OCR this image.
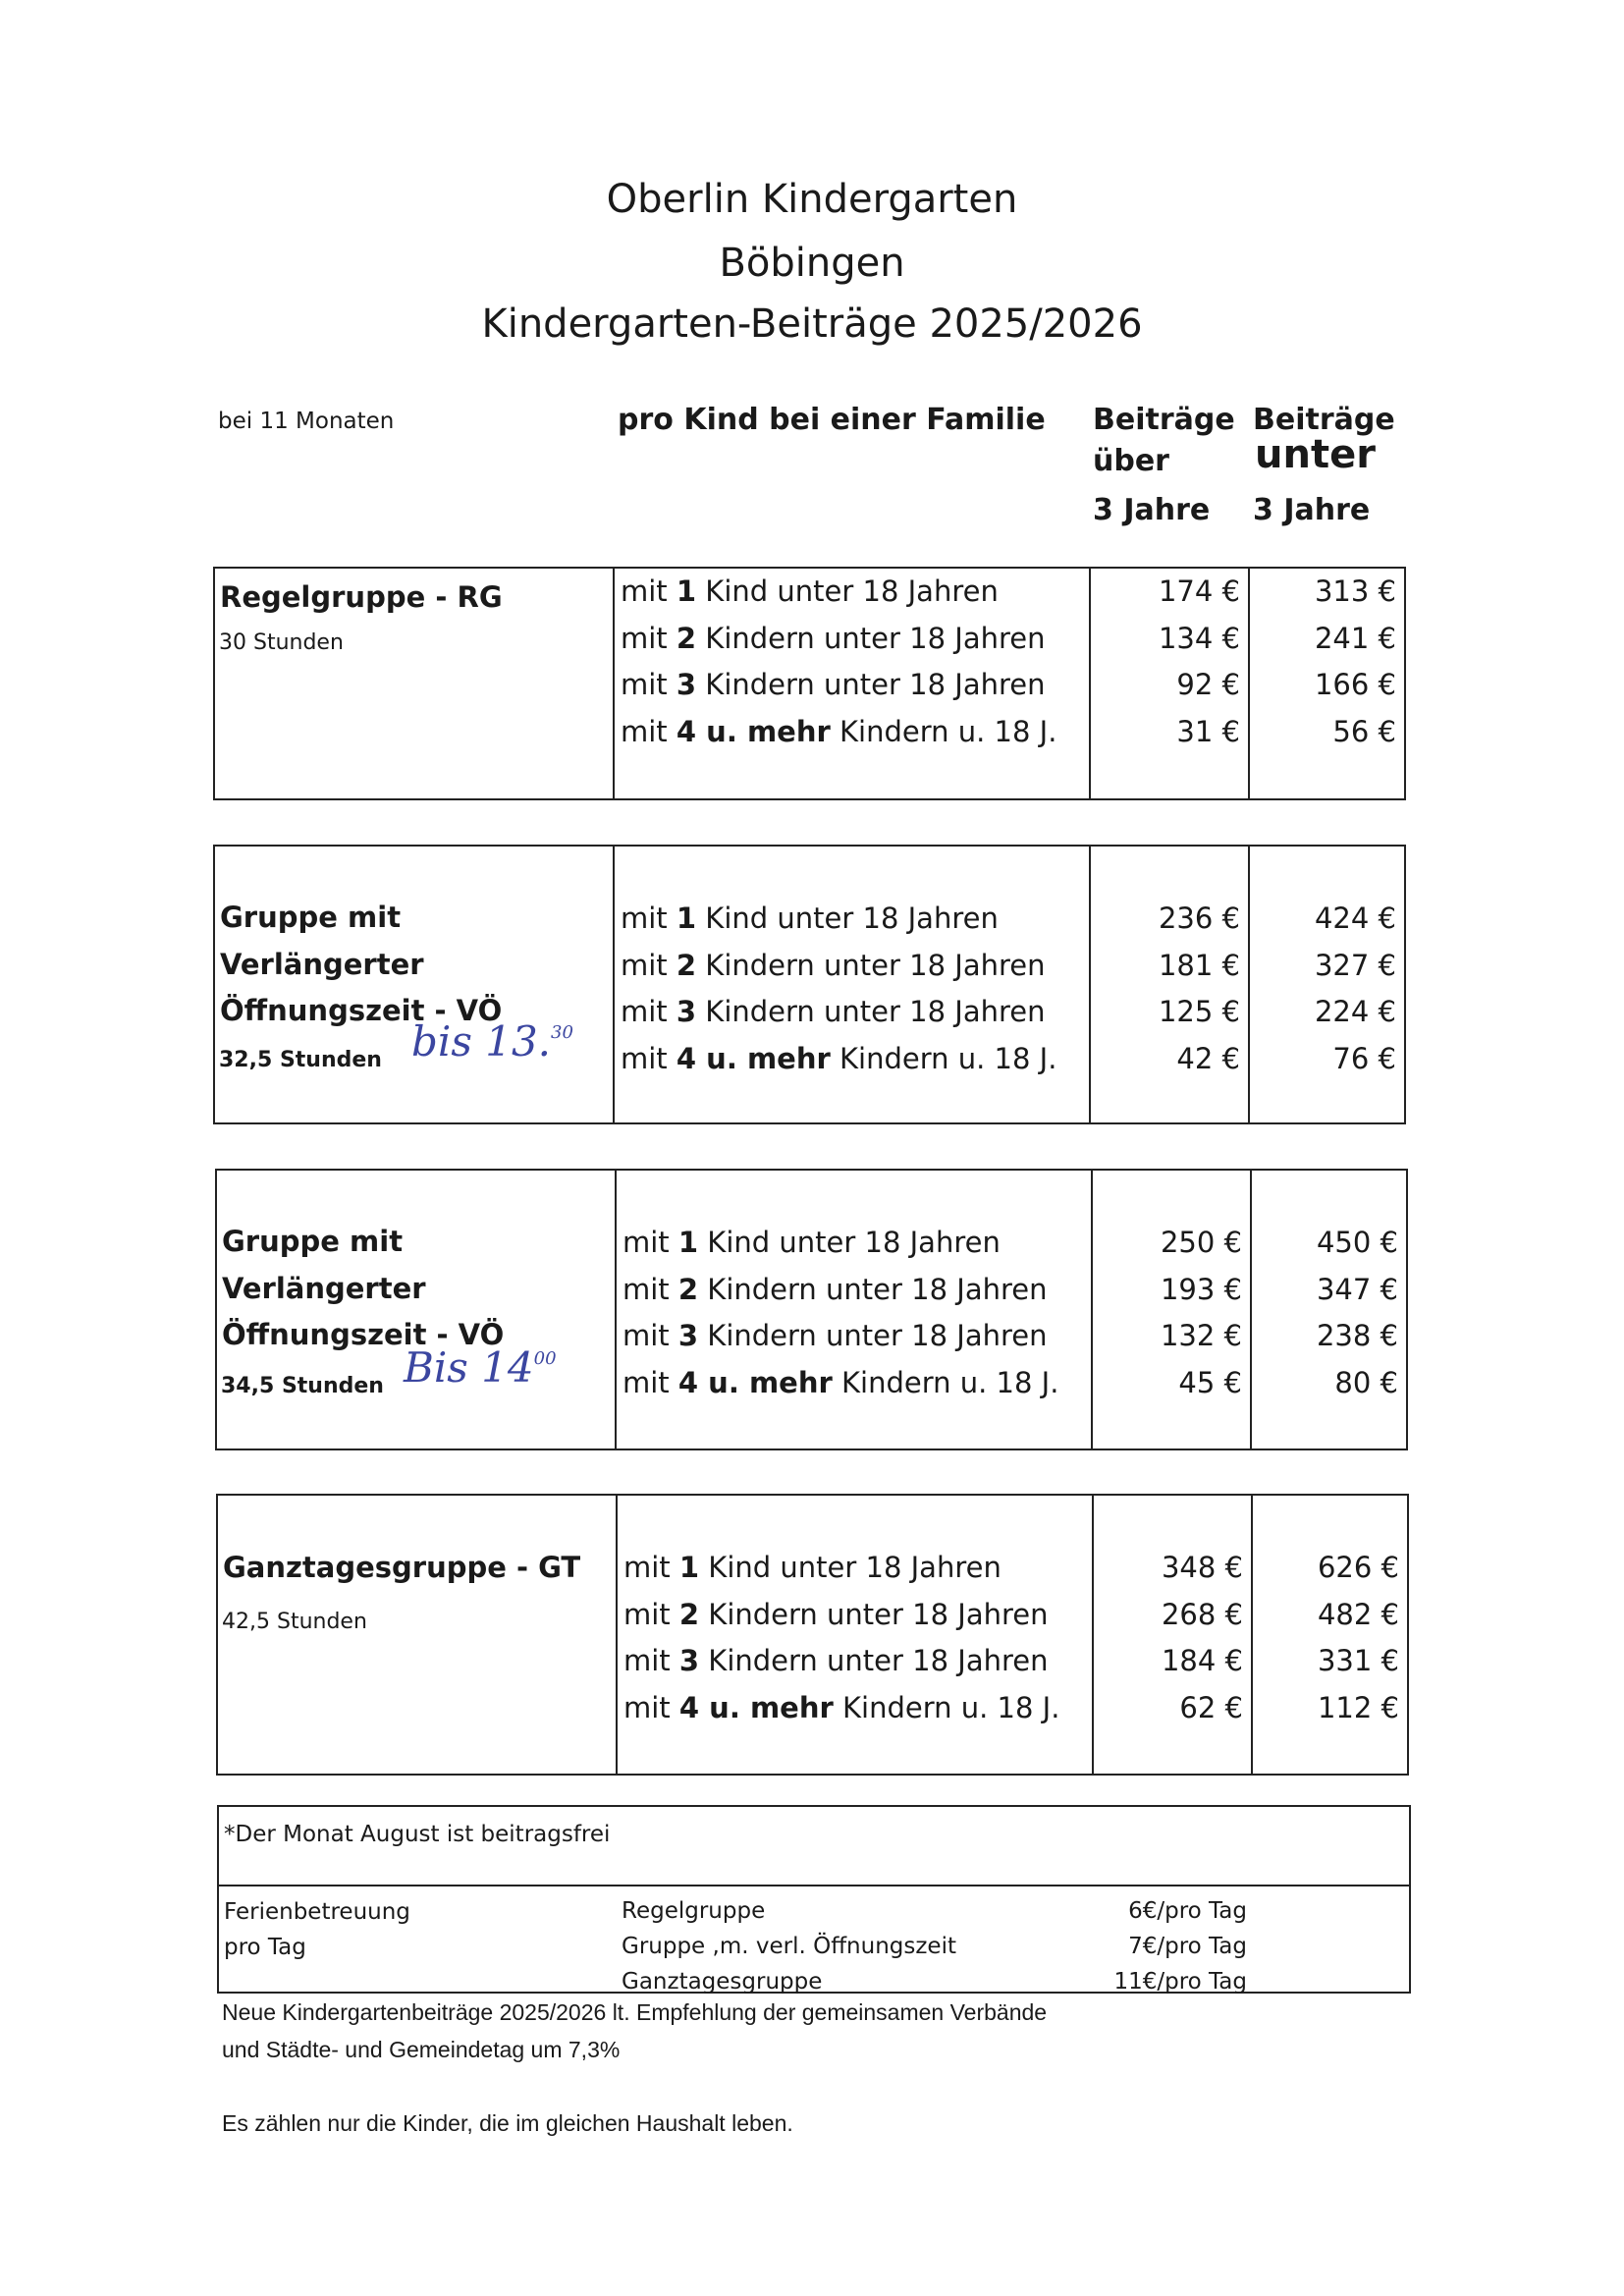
Oberlin Kindergarten
Böbingen
Kindergarten-Beiträge 2025/2026
bei 11 Monaten	pro Kind bei einer Familie Beiträge
über
3 Jahre
Beiträge
unter
3 Jahre
Regelgruppe - RG
30 Stunden
mit 1 Kind unter 18 Jahren
mit 2 Kindern unter 18 Jahren
mit 3 Kindern unter 18 Jahren
mit 4 u. mehr Kindern u. 18 J.
174 €
134 €
92 €
31 €
313 €
241 €
166 €
56 €
Gruppe mit
Verlängerter
Öffnungszeit - VÖ
32,5 Stunden bis 13.30
mit 1 Kind unter 18 Jahren
mit 2 Kindern unter 18 Jahren
mit 3 Kindern unter 18 Jahren
mit 4 u. mehr Kindern u. 18 J.
236 €
181 €
125 €
42 €
424 €
327 €
224 €
76 €
Gruppe mit
Verlängerter
Öffnungszeit - VÖ
34,5 Stunden Bis $14^{00}$
mit 1 Kind unter 18 Jahren
mit 2 Kindern unter 18 Jahren
mit 3 Kindern unter 18 Jahren
mit 4 u. mehr Kindern u. 18 J.
250 €
193 €
132 €
45 €
450 €
347 €
238 €
80 €
Ganztagesgruppe - GT
42,5 Stunden
mit 1 Kind unter 18 Jahren
mit 2 Kindern unter 18 Jahren
mit 3 Kindern unter 18 Jahren
mit 4 u. mehr Kindern u. 18 J.
348 €
268 €
184 €
62 €
626 €
482 €
331 €
112 €
*Der Monat August ist beitragsfrei
Ferienbetreuung
pro Tag
Regelgruppe
Gruppe ,m. verl. Öffnungszeit
Ganztagesgruppe
6€/pro Tag
7€/pro Tag
11€/pro Tag
Neue Kindergartenbeiträge 2025/2026 lt. Empfehlung der gemeinsamen Verbände
und Städte- und Gemeindetag um 7,3%
Es zählen nur die Kinder, die im gleichen Haushalt leben.
